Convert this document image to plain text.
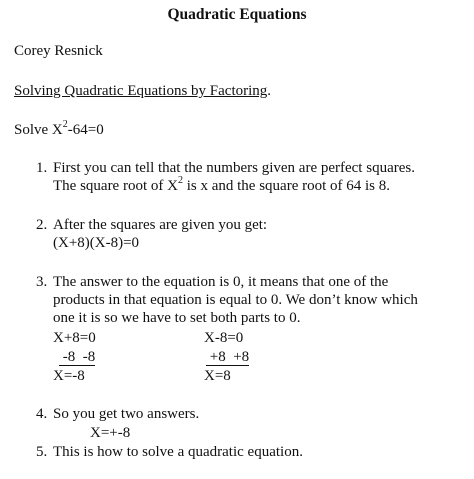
Quadratic Equations
Corey Resnick
Solving Quadratic Equations by Factoring.
Solve $X^2-64=0$
1. First you can tell that the numbers given are perfect squares.
The square root of $X^2$ is x and the square root of 64 is 8.
2. After the squares are given you get:
(X+8)(X-8)=0
3. The answer to the equation is 0, it means that one of the
products in that equation is equal to 0. We don’t know which
one it is so we have to set both parts to 0.
X+8=0
-8  -8
X=-8
X-8=0
+8  +8
X=8
4. So you get two answers.
X=+-8
5. This is how to solve a quadratic equation.
